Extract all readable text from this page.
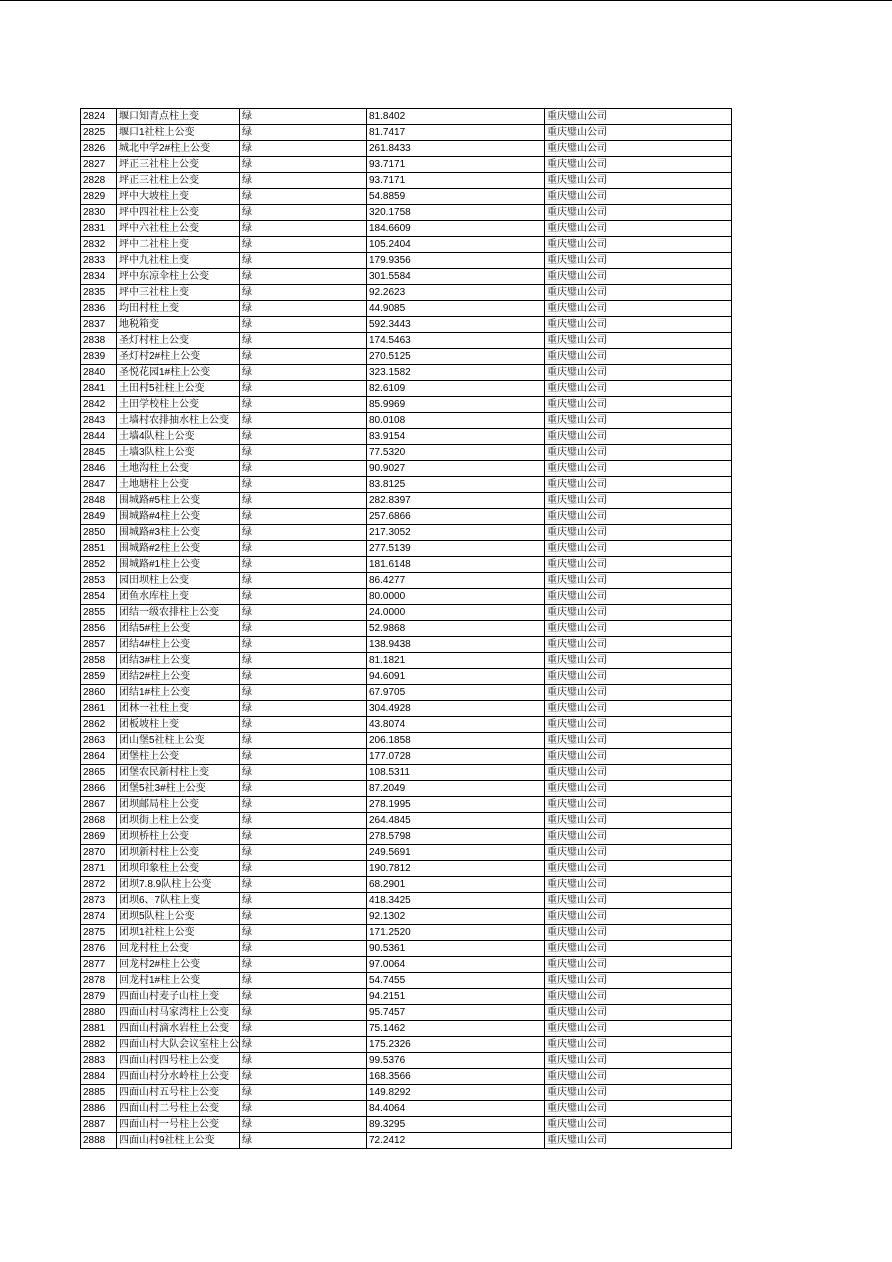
2824	堰口知青点柱上变	绿	81.8402	重庆璧山公司
2825	堰口1社柱上公变	绿	81.7417	重庆璧山公司
2826	城北中学2#柱上公变	绿	261.8433	重庆璧山公司
2827	坪正三社柱上公变	绿	93.7171	重庆璧山公司
2828	坪正三社柱上公变	绿	93.7171	重庆璧山公司
2829	坪中大坡柱上变	绿	54.8859	重庆璧山公司
2830	坪中四社柱上公变	绿	320.1758	重庆璧山公司
2831	坪中六社柱上公变	绿	184.6609	重庆璧山公司
2832	坪中二社柱上变	绿	105.2404	重庆璧山公司
2833	坪中九社柱上变	绿	179.9356	重庆璧山公司
2834	坪中东凉伞柱上公变	绿	301.5584	重庆璧山公司
2835	坪中三社柱上变	绿	92.2623	重庆璧山公司
2836	均田村柱上变	绿	44.9085	重庆璧山公司
2837	地税箱变	绿	592.3443	重庆璧山公司
2838	圣灯村柱上公变	绿	174.5463	重庆璧山公司
2839	圣灯村2#柱上公变	绿	270.5125	重庆璧山公司
2840	圣悦花园1#柱上公变	绿	323.1582	重庆璧山公司
2841	土田村5社柱上公变	绿	82.6109	重庆璧山公司
2842	土田学校柱上公变	绿	85.9969	重庆璧山公司
2843	土墙村农排抽水柱上公变	绿	80.0108	重庆璧山公司
2844	土墙4队柱上公变	绿	83.9154	重庆璧山公司
2845	土墙3队柱上公变	绿	77.5320	重庆璧山公司
2846	土地沟柱上公变	绿	90.9027	重庆璧山公司
2847	土地塘柱上公变	绿	83.8125	重庆璧山公司
2848	围城路#5柱上公变	绿	282.8397	重庆璧山公司
2849	围城路#4柱上公变	绿	257.6866	重庆璧山公司
2850	围城路#3柱上公变	绿	217.3052	重庆璧山公司
2851	围城路#2柱上公变	绿	277.5139	重庆璧山公司
2852	围城路#1柱上公变	绿	181.6148	重庆璧山公司
2853	园田坝柱上公变	绿	86.4277	重庆璧山公司
2854	团鱼水库柱上变	绿	80.0000	重庆璧山公司
2855	团结一级农排柱上公变	绿	24.0000	重庆璧山公司
2856	团结5#柱上公变	绿	52.9868	重庆璧山公司
2857	团结4#柱上公变	绿	138.9438	重庆璧山公司
2858	团结3#柱上公变	绿	81.1821	重庆璧山公司
2859	团结2#柱上公变	绿	94.6091	重庆璧山公司
2860	团结1#柱上公变	绿	67.9705	重庆璧山公司
2861	团林一社柱上变	绿	304.4928	重庆璧山公司
2862	团板坡柱上变	绿	43.8074	重庆璧山公司
2863	团山堡5社柱上公变	绿	206.1858	重庆璧山公司
2864	团堡柱上公变	绿	177.0728	重庆璧山公司
2865	团堡农民新村柱上变	绿	108.5311	重庆璧山公司
2866	团堡5社3#柱上公变	绿	87.2049	重庆璧山公司
2867	团坝邮局柱上公变	绿	278.1995	重庆璧山公司
2868	团坝街上柱上公变	绿	264.4845	重庆璧山公司
2869	团坝桥柱上公变	绿	278.5798	重庆璧山公司
2870	团坝新村柱上公变	绿	249.5691	重庆璧山公司
2871	团坝印象柱上公变	绿	190.7812	重庆璧山公司
2872	团坝7.8.9队柱上公变	绿	68.2901	重庆璧山公司
2873	团坝6、7队柱上变	绿	418.3425	重庆璧山公司
2874	团坝5队柱上公变	绿	92.1302	重庆璧山公司
2875	团坝1社柱上公变	绿	171.2520	重庆璧山公司
2876	回龙村柱上公变	绿	90.5361	重庆璧山公司
2877	回龙村2#柱上公变	绿	97.0064	重庆璧山公司
2878	回龙村1#柱上公变	绿	54.7455	重庆璧山公司
2879	四面山村麦子山柱上变	绿	94.2151	重庆璧山公司
2880	四面山村马家湾柱上公变	绿	95.7457	重庆璧山公司
2881	四面山村滴水岩柱上公变	绿	75.1462	重庆璧山公司
2882	四面山村大队会议室柱上公	绿	175.2326	重庆璧山公司
2883	四面山村四号柱上公变	绿	99.5376	重庆璧山公司
2884	四面山村分水岭柱上公变	绿	168.3566	重庆璧山公司
2885	四面山村五号柱上公变	绿	149.8292	重庆璧山公司
2886	四面山村二号柱上公变	绿	84.4064	重庆璧山公司
2887	四面山村一号柱上公变	绿	89.3295	重庆璧山公司
2888	四面山村9社柱上公变	绿	72.2412	重庆璧山公司
